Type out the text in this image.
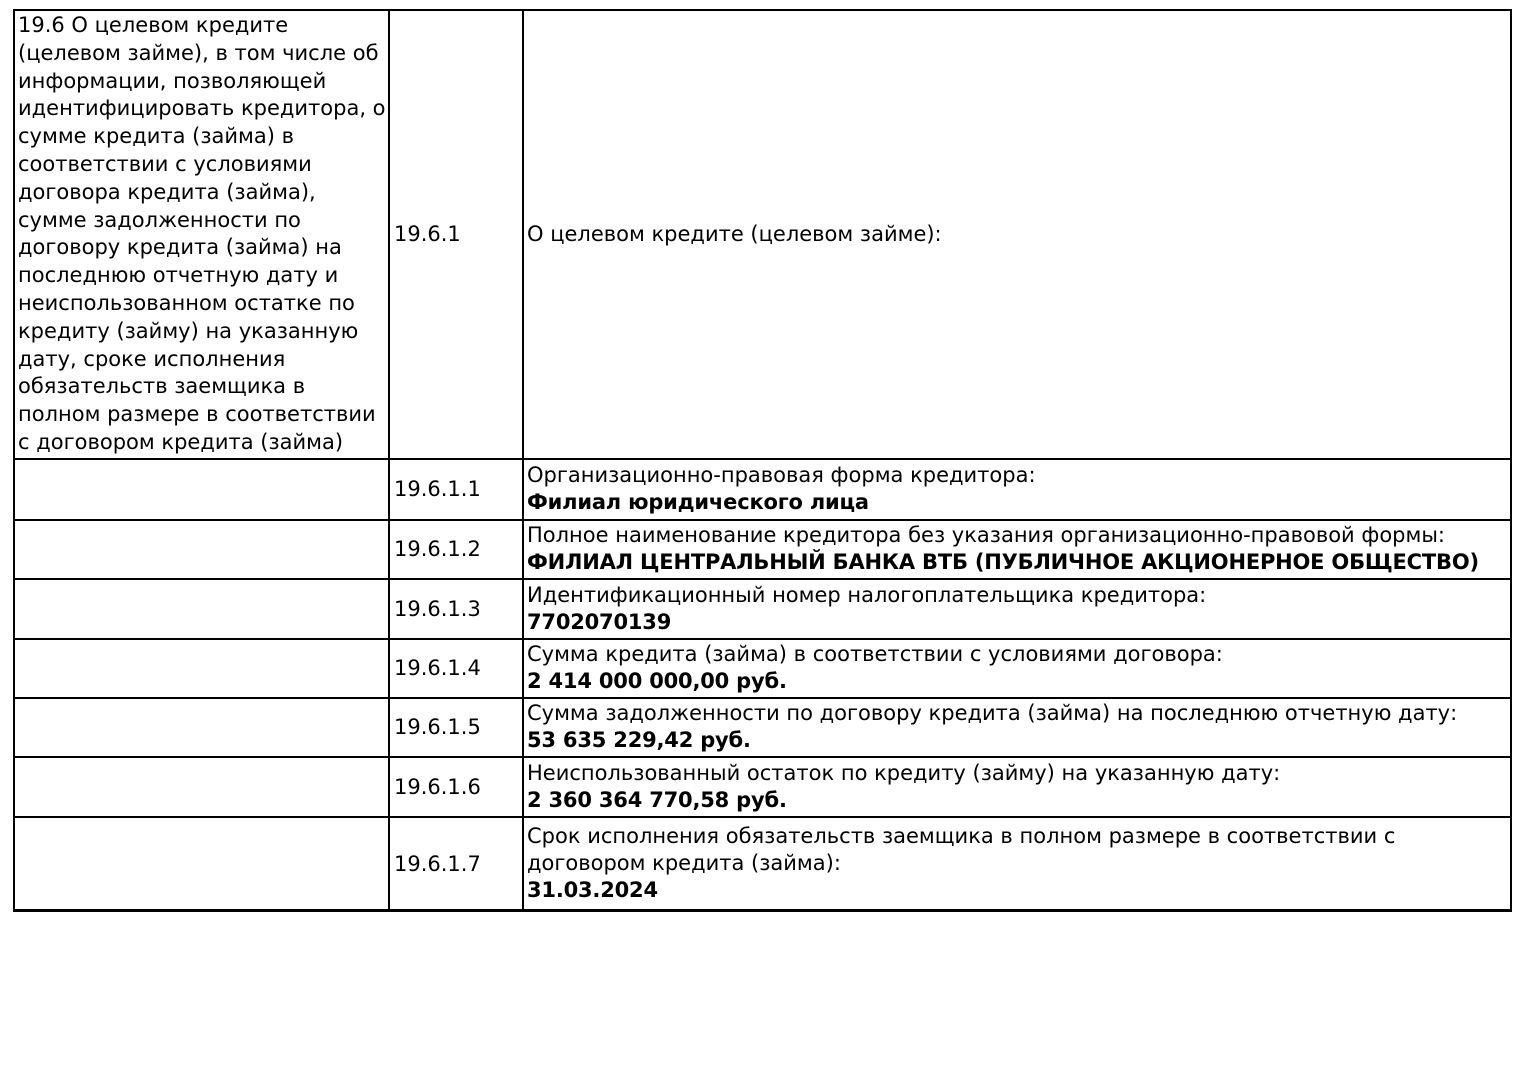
19.6 О целевом кредите (целевом займе), в том числе об информации, позволяющей идентифицировать кредитора, о сумме кредита (займа) в соответствии с условиями договора кредита (займа), сумме задолженности по договору кредита (займа) на последнюю отчетную дату и неиспользованном остатке по кредиту (займу) на указанную дату, сроке исполнения обязательств заемщика в полном размере в соответствии с договором кредита (займа)	19.6.1	О целевом кредите (целевом займе):

	19.6.1.1	Организационно-правовая форма кредитора:
Филиал юридического лица

	19.6.1.2	Полное наименование кредитора без указания организационно-правовой формы:
ФИЛИАЛ ЦЕНТРАЛЬНЫЙ БАНКА ВТБ (ПУБЛИЧНОЕ АКЦИОНЕРНОЕ ОБЩЕСТВО)

	19.6.1.3	Идентификационный номер налогоплательщика кредитора:
7702070139

	19.6.1.4	Сумма кредита (займа) в соответствии с условиями договора:
2 414 000 000,00 руб.

	19.6.1.5	Сумма задолженности по договору кредита (займа) на последнюю отчетную дату:
53 635 229,42 руб.

	19.6.1.6	Неиспользованный остаток по кредиту (займу) на указанную дату:
2 360 364 770,58 руб.

	19.6.1.7	Срок исполнения обязательств заемщика в полном размере в соответствии с договором кредита (займа):
31.03.2024
